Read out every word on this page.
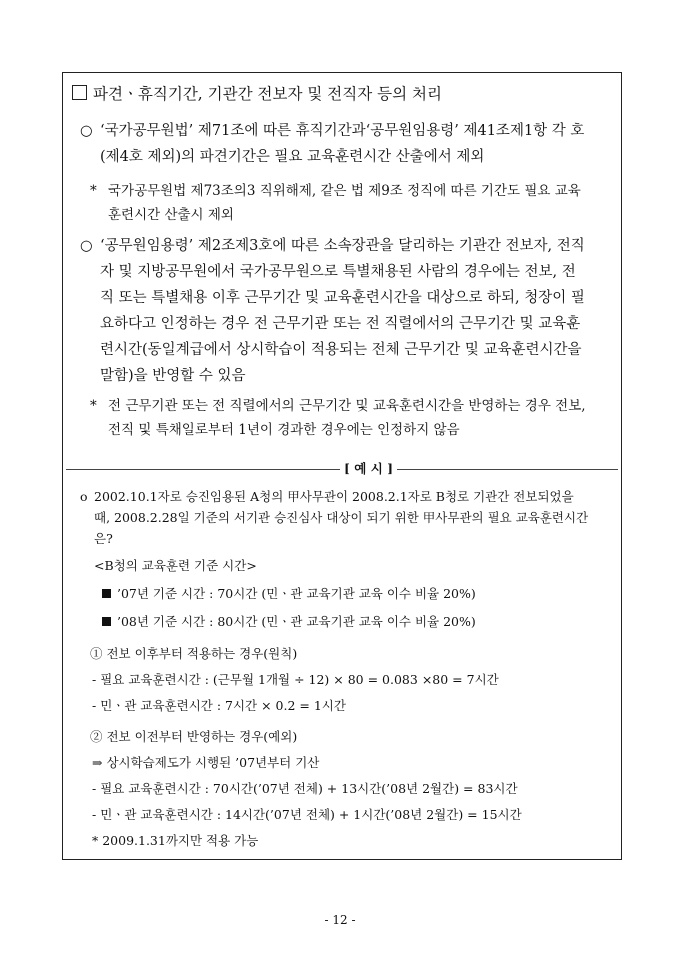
파견ㆍ휴직기간, 기관간 전보자 및 전직자 등의 처리
○ ‘국가공무원법’ 제71조에 따른 휴직기간과‘공무원임용령’ 제41조제1항 각 호(제4호 제외)의 파견기간은 필요 교육훈련시간 산출에서 제외
* 국가공무원법 제73조의3 직위해제, 같은 법 제9조 정직에 따른 기간도 필요 교육훈련시간 산출시 제외
○ ‘공무원임용령’ 제2조제3호에 따른 소속장관을 달리하는 기관간 전보자, 전직자 및 지방공무원에서 국가공무원으로 특별채용된 사람의 경우에는 전보, 전직 또는 특별채용 이후 근무기간 및 교육훈련시간을 대상으로 하되, 청장이 필요하다고 인정하는 경우 전 근무기관 또는 전 직렬에서의 근무기간 및 교육훈련시간(동일계급에서 상시학습이 적용되는 전체 근무기간 및 교육훈련시간을 말함)을 반영할 수 있음
* 전 근무기관 또는 전 직렬에서의 근무기간 및 교육훈련시간을 반영하는 경우 전보, 전직 및 특채일로부터 1년이 경과한 경우에는 인정하지 않음
[ 예 시 ]
o 2002.10.1자로 승진임용된 A청의 甲사무관이 2008.2.1자로 B청로 기관간 전보되었을 때, 2008.2.28일 기준의 서기관 승진심사 대상이 되기 위한 甲사무관의 필요 교육훈련시간은?
<B청의 교육훈련 기준 시간>
’07년 기준 시간 : 70시간 (민ㆍ관 교육기관 교육 이수 비율 20%)
’08년 기준 시간 : 80시간 (민ㆍ관 교육기관 교육 이수 비율 20%)
① 전보 이후부터 적용하는 경우(원칙)
- 필요 교육훈련시간 : (근무월 1개월 ÷ 12) × 80 = 0.083 ×80 = 7시간
- 민ㆍ관 교육훈련시간 : 7시간 × 0.2 = 1시간
② 전보 이전부터 반영하는 경우(예외)
⇒ 상시학습제도가 시행된 ’07년부터 기산
- 필요 교육훈련시간 : 70시간(’07년 전체) + 13시간(’08년 2월간) = 83시간
- 민ㆍ관 교육훈련시간 : 14시간(’07년 전체) + 1시간(’08년 2월간) = 15시간
* 2009.1.31까지만 적용 가능
- 12 -
